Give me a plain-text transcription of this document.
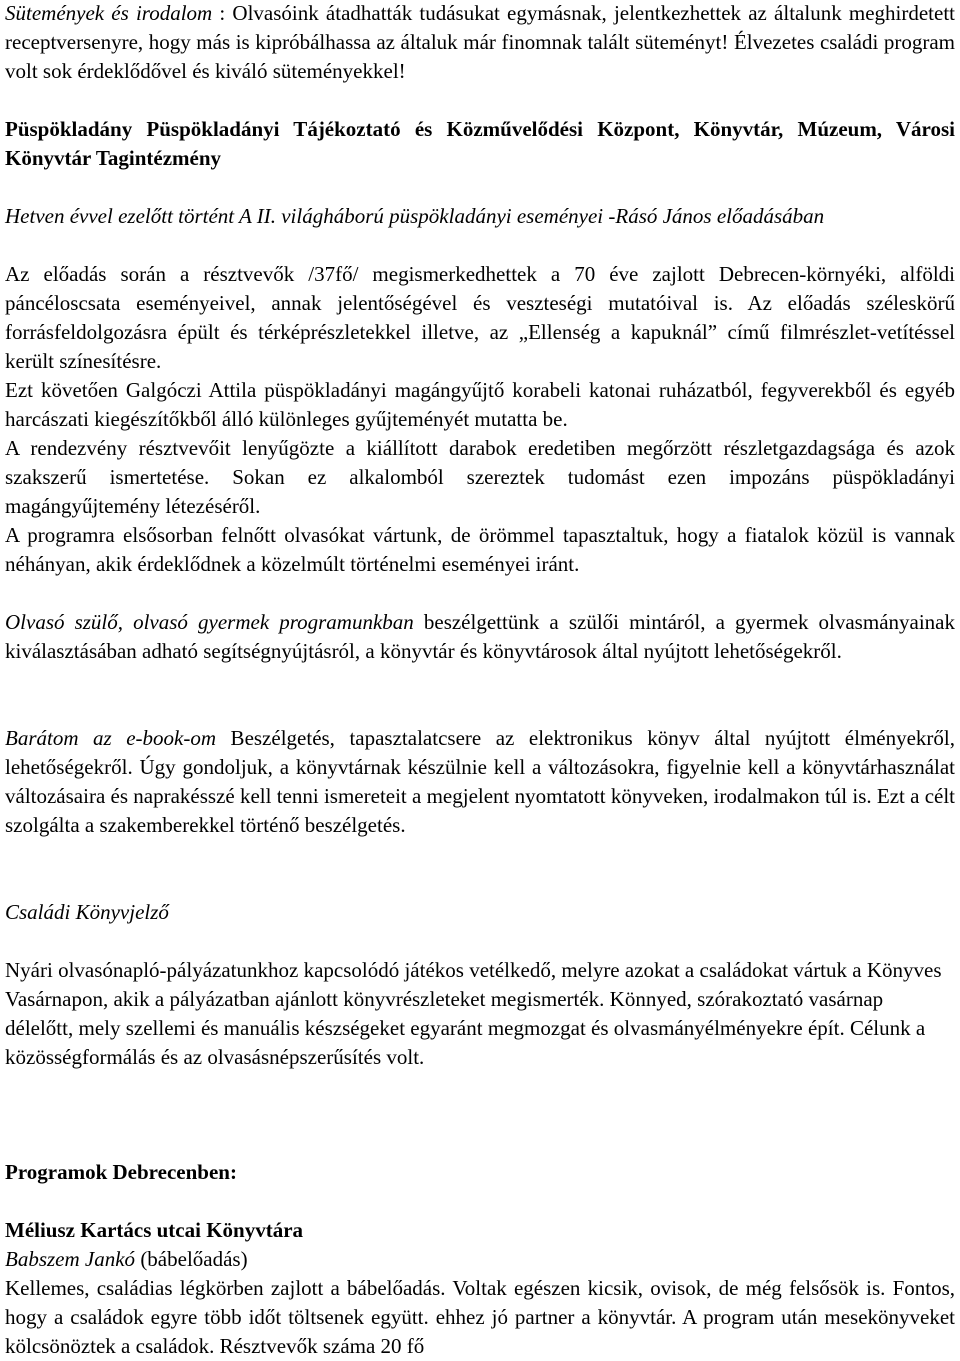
Sütemények és irodalom : Olvasóink átadhatták tudásukat egymásnak, jelentkezhettek az általunk meghirdetett receptversenyre, hogy más is kipróbálhassa az általuk már finomnak talált süteményt! Élvezetes családi program volt sok érdeklődővel és kiváló süteményekkel!
Püspökladány Püspökladányi Tájékoztató és Közművelődési Központ, Könyvtár, Múzeum, Városi Könyvtár Tagintézmény
Hetven évvel ezelőtt történt A II. világháború püspökladányi eseményei -Rásó János előadásában
Az előadás során a résztvevők /37fő/ megismerkedhettek a 70 éve zajlott Debrecen-környéki, alföldi páncéloscsata eseményeivel, annak jelentőségével és veszteségi mutatóival is. Az előadás széleskörű forrásfeldolgozásra épült és térképrészletekkel illetve, az „Ellenség a kapuknál” című filmrészlet-vetítéssel került színesítésre.
Ezt követően Galgóczi Attila püspökladányi magángyűjtő korabeli katonai ruházatból, fegyverekből és egyéb harcászati kiegészítőkből álló különleges gyűjteményét mutatta be.
A rendezvény résztvevőit lenyűgözte a kiállított darabok eredetiben megőrzött részletgazdagsága és azok szakszerű ismertetése. Sokan ez alkalomból szereztek tudomást ezen impozáns püspökladányi magángyűjtemény létezéséről.
A programra elsősorban felnőtt olvasókat vártunk, de örömmel tapasztaltuk, hogy a fiatalok közül is vannak néhányan, akik érdeklődnek a közelmúlt történelmi eseményei iránt.
Olvasó szülő, olvasó gyermek programunkban beszélgettünk a szülői mintáról, a gyermek olvasmányainak kiválasztásában adható segítségnyújtásról, a könyvtár és könyvtárosok által nyújtott lehetőségekről.
Barátom az e-book-om Beszélgetés, tapasztalatcsere az elektronikus könyv által nyújtott élményekről, lehetőségekről. Úgy gondoljuk, a könyvtárnak készülnie kell a változásokra, figyelnie kell a könyvtárhasználat változásaira és naprakésszé kell tenni ismereteit a megjelent nyomtatott könyveken, irodalmakon túl is. Ezt a célt szolgálta a szakemberekkel történő beszélgetés.
Családi Könyvjelző
Nyári olvasónapló-pályázatunkhoz kapcsolódó játékos vetélkedő, melyre azokat a családokat vártuk a Könyves Vasárnapon, akik a pályázatban ajánlott könyvrészleteket megismerték. Könnyed, szórakoztató vasárnap délelőtt, mely szellemi és manuális készségeket egyaránt megmozgat és olvasmányélményekre épít. Célunk a közösségformálás és az olvasásnépszerűsítés volt.
Programok Debrecenben:
Méliusz Kartács utcai Könyvtára
Babszem Jankó (bábelőadás)
Kellemes, családias légkörben zajlott a bábelőadás. Voltak egészen kicsik, ovisok, de még felsősök is. Fontos, hogy a családok egyre több időt töltsenek együtt. ehhez jó partner a könyvtár. A program után mesekönyveket kölcsönöztek a családok. Résztvevők száma 20 fő
